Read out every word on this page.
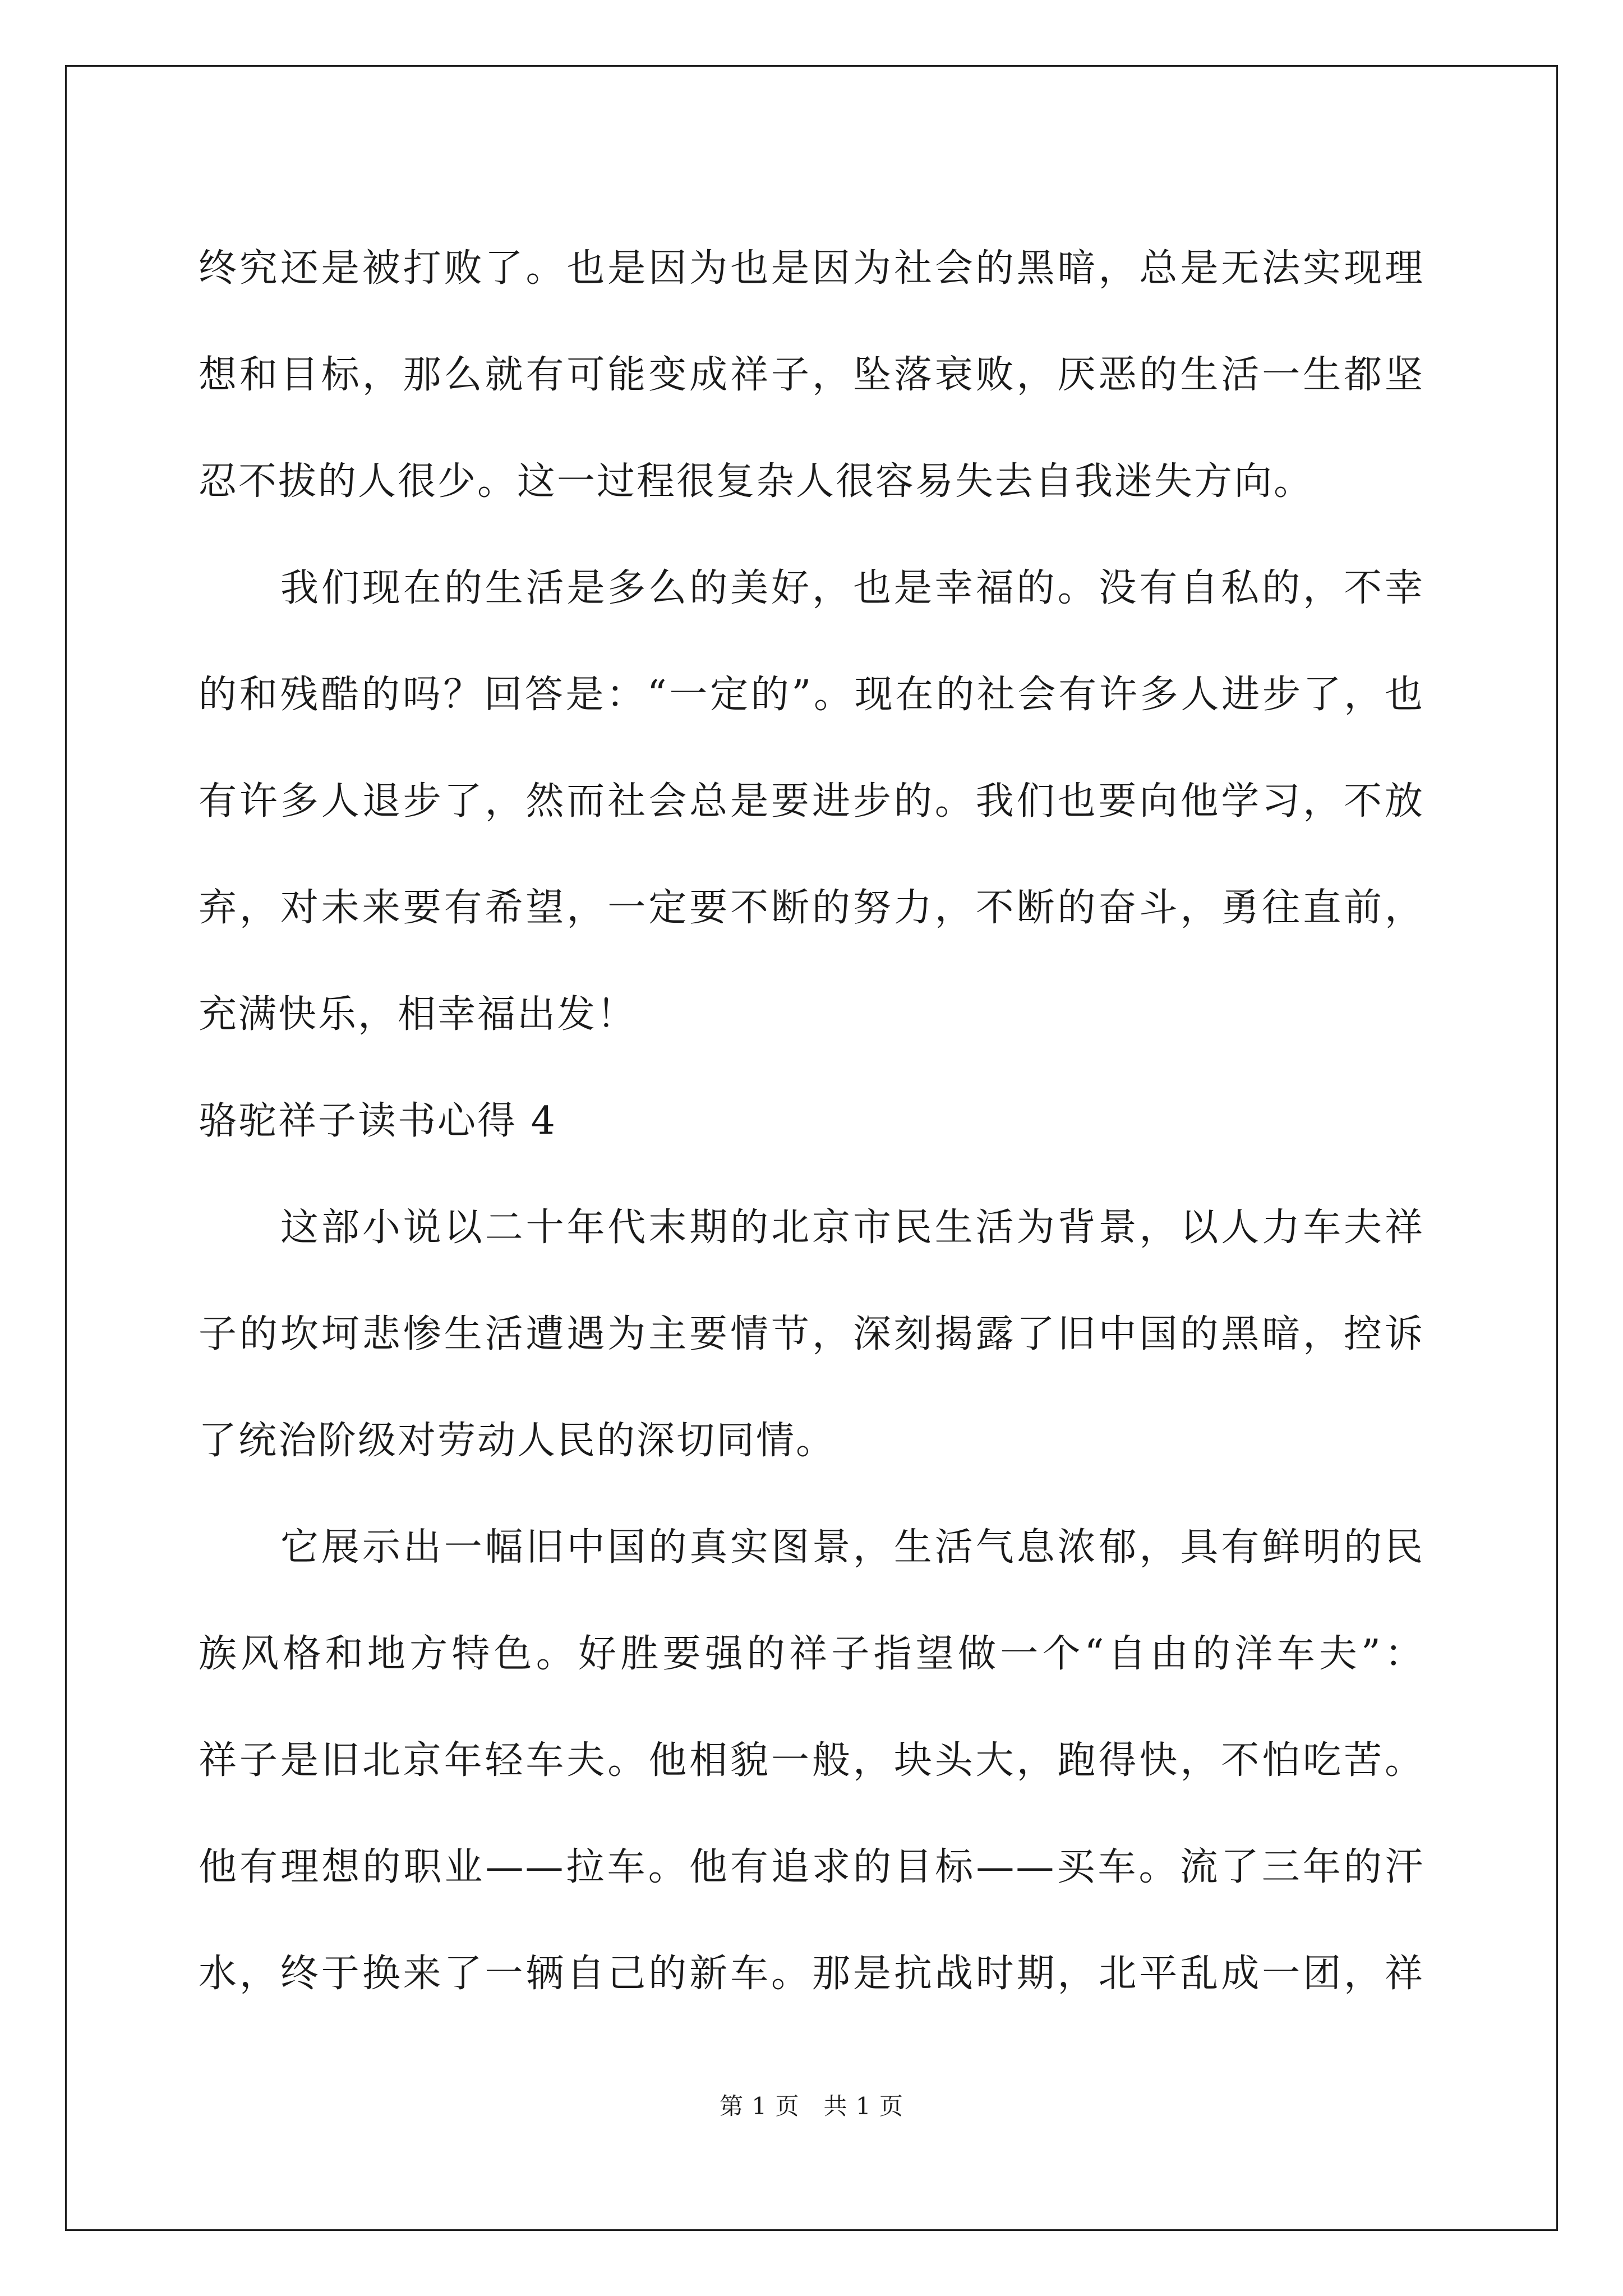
终究还是被打败了。也是因为也是因为社会的黑暗，总是无法实现理
想和目标，那么就有可能变成祥子，坠落衰败，厌恶的生活一生都坚
忍不拔的人很少。这一过程很复杂人很容易失去自我迷失方向。
我们现在的生活是多么的美好，也是幸福的。没有自私的，不幸
的和残酷的吗？回答是：“一定的”。现在的社会有许多人进步了，也
有许多人退步了，然而社会总是要进步的。我们也要向他学习，不放
弃，对未来要有希望，一定要不断的努力，不断的奋斗，勇往直前，
充满快乐，相幸福出发！
骆驼祥子读书心得 4
这部小说以二十年代末期的北京市民生活为背景，以人力车夫祥
子的坎坷悲惨生活遭遇为主要情节，深刻揭露了旧中国的黑暗，控诉
了统治阶级对劳动人民的深切同情。
它展示出一幅旧中国的真实图景，生活气息浓郁，具有鲜明的民
族风格和地方特色。好胜要强的祥子指望做一个“自由的洋车夫”：
祥子是旧北京年轻车夫。他相貌一般，块头大，跑得快，不怕吃苦。
他有理想的职业——拉车。他有追求的目标——买车。流了三年的汗
水，终于换来了一辆自己的新车。那是抗战时期，北平乱成一团，祥
第 1 页　共 1 页
